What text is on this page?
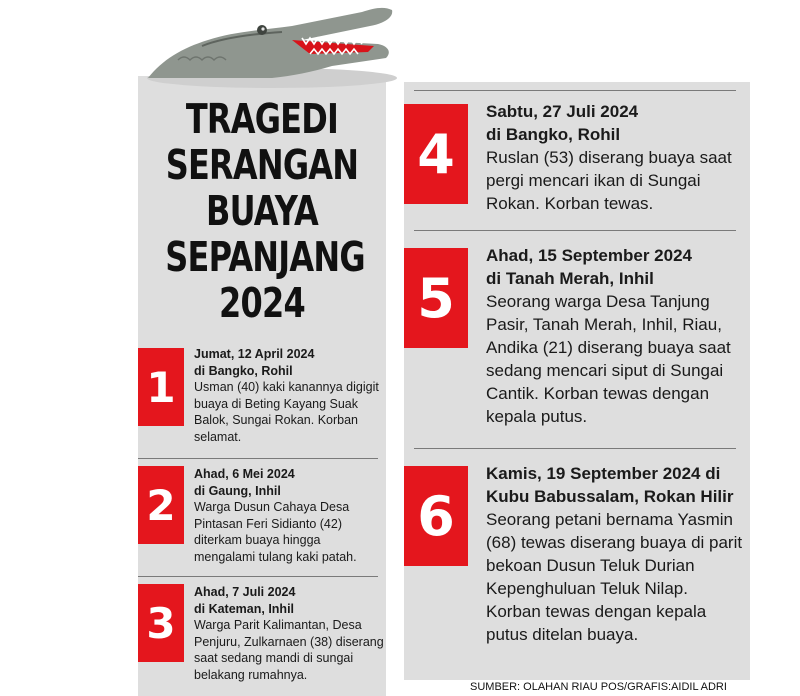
TRAGEDI
SERANGAN
BUAYA
SEPANJANG
2024
1
Jumat, 12 April 2024
di Bangko, Rohil
Usman (40) kaki kanannya digigit buaya di Beting Kayang Suak Balok, Sungai Rokan. Korban selamat.
2
Ahad, 6 Mei 2024
di Gaung, Inhil
Warga Dusun Cahaya Desa Pintasan Feri Sidianto (42) diterkam buaya hingga mengalami tulang kaki patah.
3
Ahad, 7 Juli 2024
di Kateman, Inhil
Warga Parit Kalimantan, Desa Penjuru, Zulkarnaen (38) diserang saat sedang mandi di sungai belakang rumahnya.
4
Sabtu, 27 Juli 2024
di Bangko, Rohil
Ruslan (53) diserang buaya saat pergi mencari ikan di Sungai Rokan. Korban tewas.
5
Ahad, 15 September 2024
di Tanah Merah, Inhil
Seorang warga Desa Tanjung Pasir, Tanah Merah, Inhil, Riau, Andika (21) diserang buaya saat sedang mencari siput di Sungai Cantik. Korban tewas dengan kepala putus.
6
Kamis, 19 September 2024 di
Kubu Babussalam, Rokan Hilir
Seorang petani bernama Yasmin (68) tewas diserang buaya di parit bekoan Dusun Teluk Durian Kepenghuluan Teluk Nilap. Korban tewas dengan kepala putus ditelan buaya.
SUMBER: OLAHAN RIAU POS/GRAFIS:AIDIL ADRI
